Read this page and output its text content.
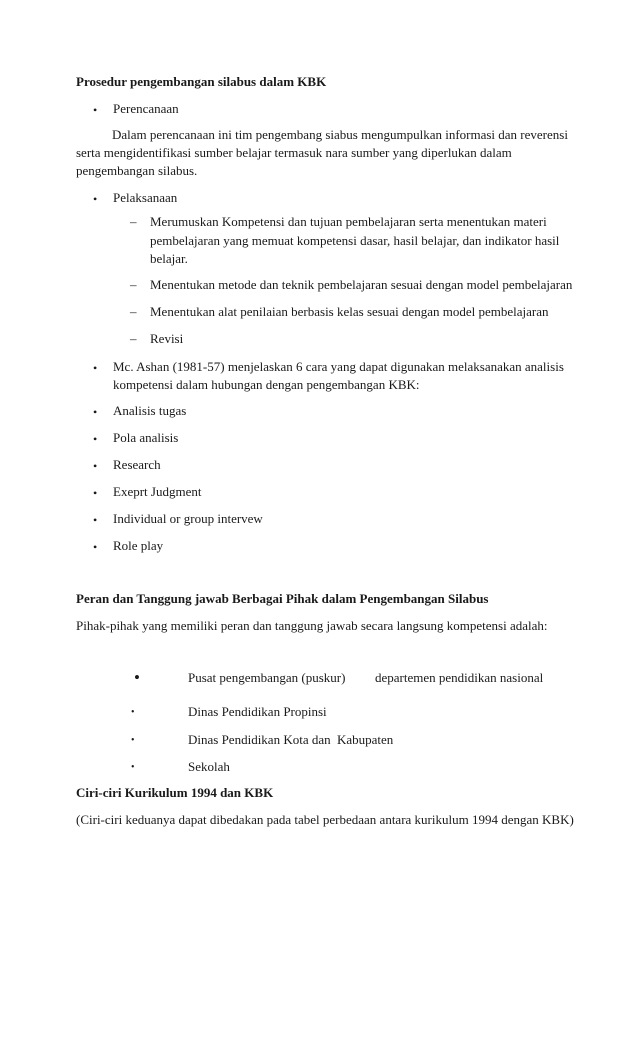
Prosedur pengembangan silabus dalam KBK
• Perencanaan
Dalam perencanaan ini tim pengembang siabus mengumpulkan informasi dan reverensi
serta mengidentifikasi sumber belajar termasuk nara sumber yang diperlukan dalam
pengembangan silabus.
• Pelaksanaan
– Merumuskan Kompetensi dan tujuan pembelajaran serta menentukan materi
pembelajaran yang memuat kompetensi dasar, hasil belajar, dan indikator hasil
belajar.
– Menentukan metode dan teknik pembelajaran sesuai dengan model pembelajaran
– Menentukan alat penilaian berbasis kelas sesuai dengan model pembelajaran
– Revisi
• Mc. Ashan (1981-57) menjelaskan 6 cara yang dapat digunakan melaksanakan analisis
kompetensi dalam hubungan dengan pengembangan KBK:
• Analisis tugas
• Pola analisis
• Research
• Exeprt Judgment
• Individual or group intervew
• Role play
Peran dan Tanggung jawab Berbagai Pihak dalam Pengembangan Silabus
Pihak-pihak yang memiliki peran dan tanggung jawab secara langsung kompetensi adalah:
•	Pusat pengembangan (puskur) departemen pendidikan nasional
•	Dinas Pendidikan Propinsi
•	Dinas Pendidikan Kota dan Kabupaten
•	Sekolah
Ciri-ciri Kurikulum 1994 dan KBK
(Ciri-ciri keduanya dapat dibedakan pada tabel perbedaan antara kurikulum 1994 dengan KBK)
